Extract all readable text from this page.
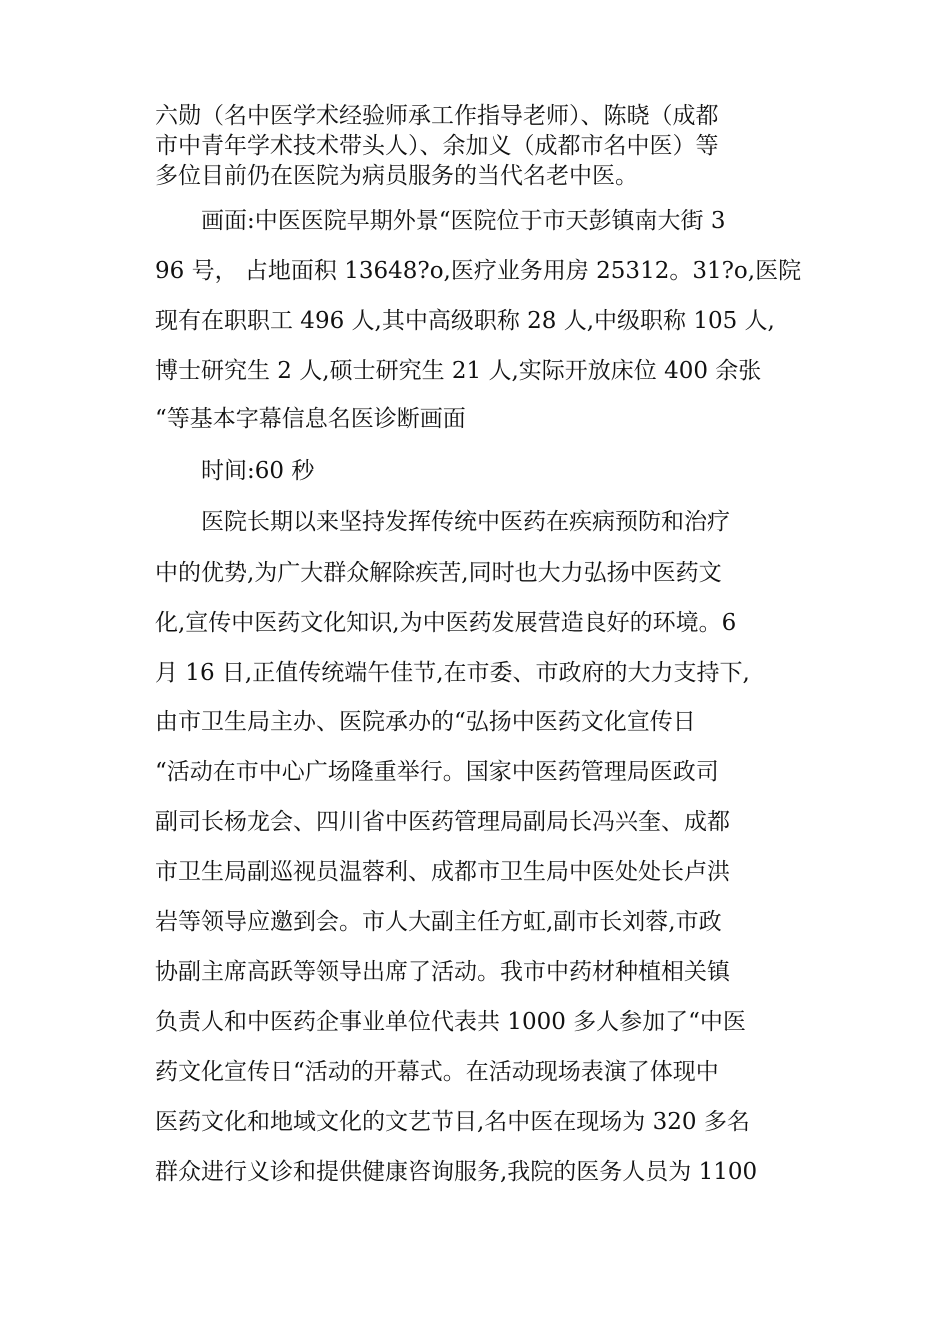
六勋（名中医学术经验师承工作指导老师）、陈晓（成都
市中青年学术技术带头人）、余加义（成都市名中医）等
多位目前仍在医院为病员服务的当代名老中医。
　　画面:中医医院早期外景“医院位于市天彭镇南大街 3
96 号， 占地面积 13648?o,医疗业务用房 25312。31?o,医院
现有在职职工 496 人,其中高级职称 28 人,中级职称 105 人,
博士研究生 2 人,硕士研究生 21 人,实际开放床位 400 余张
“等基本字幕信息名医诊断画面
　　时间:60 秒
　　医院长期以来坚持发挥传统中医药在疾病预防和治疗
中的优势,为广大群众解除疾苦,同时也大力弘扬中医药文
化,宣传中医药文化知识,为中医药发展营造良好的环境。6
月 16 日,正值传统端午佳节,在市委、市政府的大力支持下,
由市卫生局主办、医院承办的“弘扬中医药文化宣传日
“活动在市中心广场隆重举行。国家中医药管理局医政司
副司长杨龙会、四川省中医药管理局副局长冯兴奎、成都
市卫生局副巡视员温蓉利、成都市卫生局中医处处长卢洪
岩等领导应邀到会。市人大副主任方虹,副市长刘蓉,市政
协副主席高跃等领导出席了活动。我市中药材种植相关镇
负责人和中医药企事业单位代表共 1000 多人参加了“中医
药文化宣传日“活动的开幕式。在活动现场表演了体现中
医药文化和地域文化的文艺节目,名中医在现场为 320 多名
群众进行义诊和提供健康咨询服务,我院的医务人员为 1100
